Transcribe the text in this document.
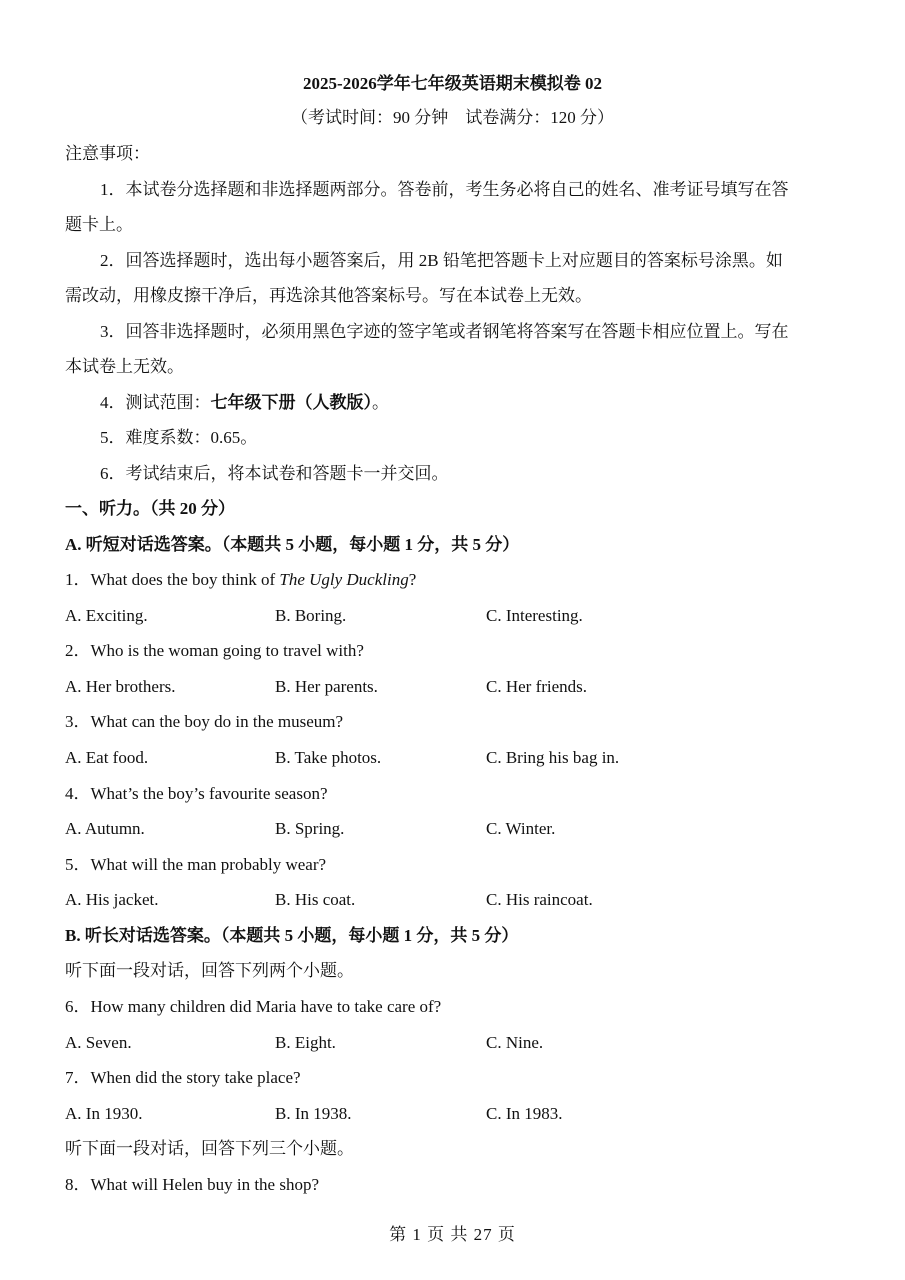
2025-2026学年七年级英语期末模拟卷 02
（考试时间：90 分钟　试卷满分：120 分）
注意事项：
1．本试卷分选择题和非选择题两部分。答卷前，考生务必将自己的姓名、准考证号填写在答
题卡上。
2．回答选择题时，选出每小题答案后，用 2B 铅笔把答题卡上对应题目的答案标号涂黑。如
需改动，用橡皮擦干净后，再选涂其他答案标号。写在本试卷上无效。
3．回答非选择题时，必须用黑色字迹的签字笔或者钢笔将答案写在答题卡相应位置上。写在
本试卷上无效。
4．测试范围：七年级下册（人教版）。
5．难度系数：0.65。
6．考试结束后，将本试卷和答题卡一并交回。
一、听力。（共 20 分）
A. 听短对话选答案。（本题共 5 小题，每小题 1 分，共 5 分）
1．What does the boy think of The Ugly Duckling?
A. Exciting.	B. Boring.	C. Interesting.
2．Who is the woman going to travel with?
A. Her brothers.	B. Her parents.	C. Her friends.
3．What can the boy do in the museum?
A. Eat food.	B. Take photos.	C. Bring his bag in.
4．What’s the boy’s favourite season?
A. Autumn.	B. Spring.	C. Winter.
5．What will the man probably wear?
A. His jacket.	B. His coat.	C. His raincoat.
B. 听长对话选答案。（本题共 5 小题，每小题 1 分，共 5 分）
听下面一段对话，回答下列两个小题。
6．How many children did Maria have to take care of?
A. Seven.	B. Eight.	C. Nine.
7．When did the story take place?
A. In 1930.	B. In 1938.	C. In 1983.
听下面一段对话，回答下列三个小题。
8．What will Helen buy in the shop?
第 1 页 共 27 页
